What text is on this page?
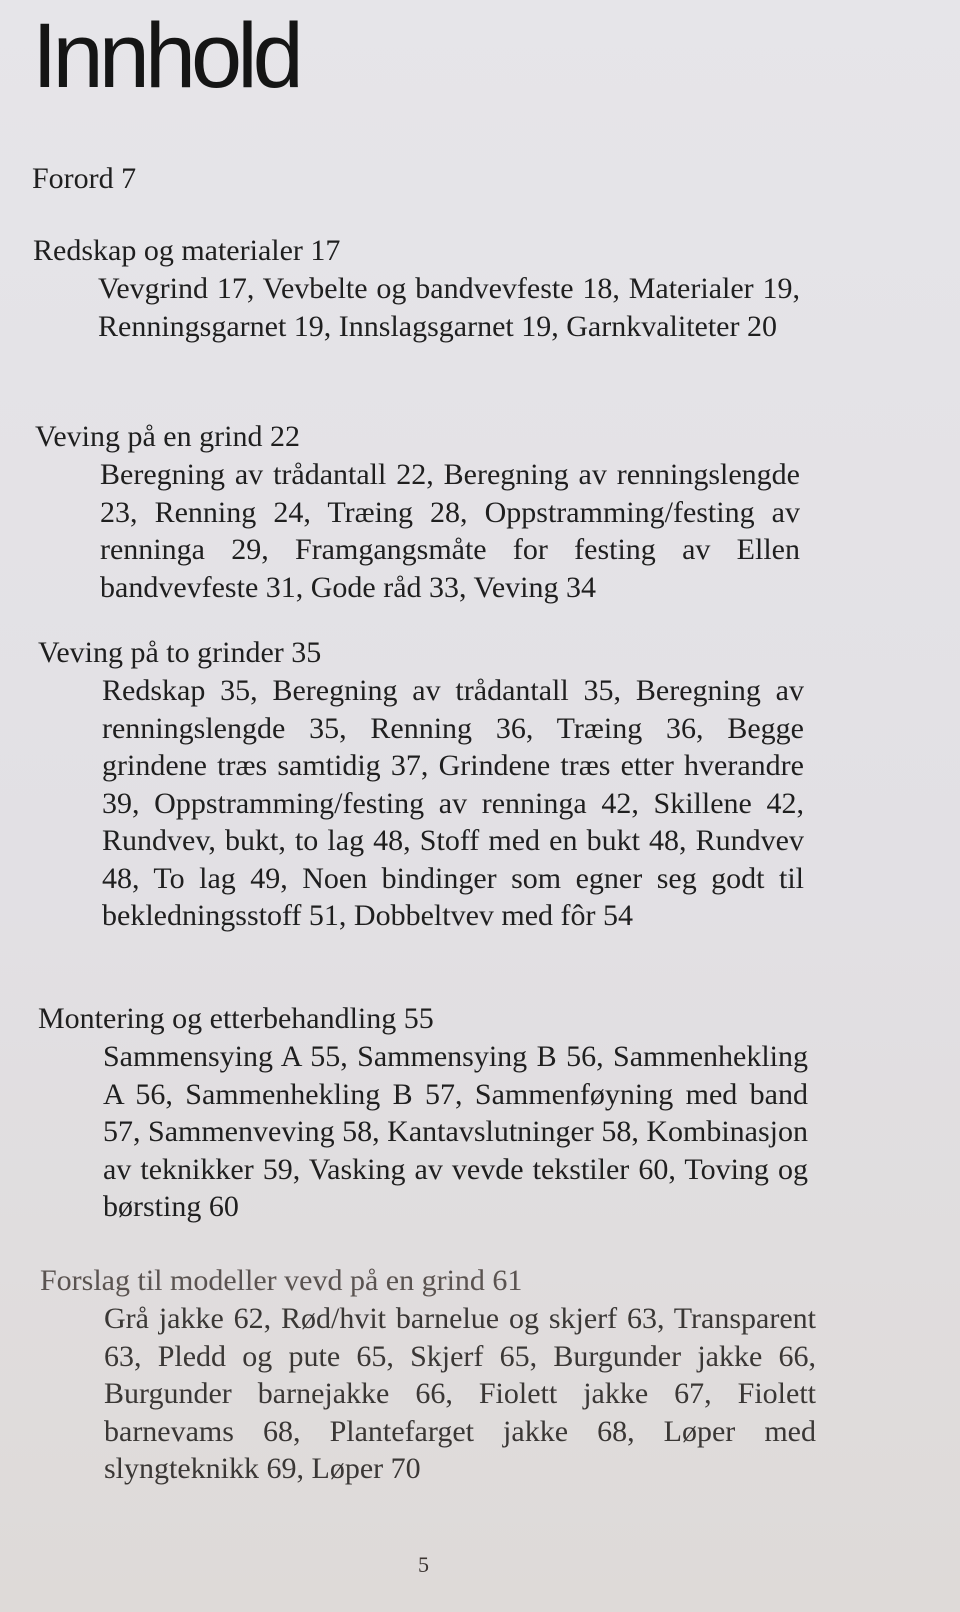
Innhold

Forord 7

Redskap og materialer 17

Vevgrind 17, Vevbelte og bandvevfeste 18, Materialer 19, Renningsgarnet 19, Innslagsgarnet 19, Garnkvaliteter 20

Veving på en grind 22

Beregning av trådantall 22, Beregning av renningslengde 23, Renning 24, Træing 28, Oppstramming/festing av renninga 29, Framgangsmåte for festing av Ellen bandvevfeste 31, Gode råd 33, Veving 34

Veving på to grinder 35

Redskap 35, Beregning av trådantall 35, Beregning av renningslengde 35, Renning 36, Træing 36, Begge grindene træs samtidig 37, Grindene træs etter hverandre 39, Oppstramming/festing av renninga 42, Skillene 42, Rundvev, bukt, to lag 48, Stoff med en bukt 48, Rundvev 48, To lag 49, Noen bindinger som egner seg godt til bekledningsstoff 51, Dobbeltvev med fôr 54

Montering og etterbehandling 55

Sammensying A 55, Sammensying B 56, Sammenhekling A 56, Sammenhekling B 57, Sammenføyning med band 57, Sammenveving 58, Kantavslutninger 58, Kombinasjon av teknikker 59, Vasking av vevde tekstiler 60, Toving og børsting 60

Forslag til modeller vevd på en grind 61

Grå jakke 62, Rød/hvit barnelue og skjerf 63, Transparent 63, Pledd og pute 65, Skjerf 65, Burgunder jakke 66, Burgunder barnejakke 66, Fiolett jakke 67, Fiolett barnevams 68, Plantefarget jakke 68, Løper med slyngteknikk 69, Løper 70

5
